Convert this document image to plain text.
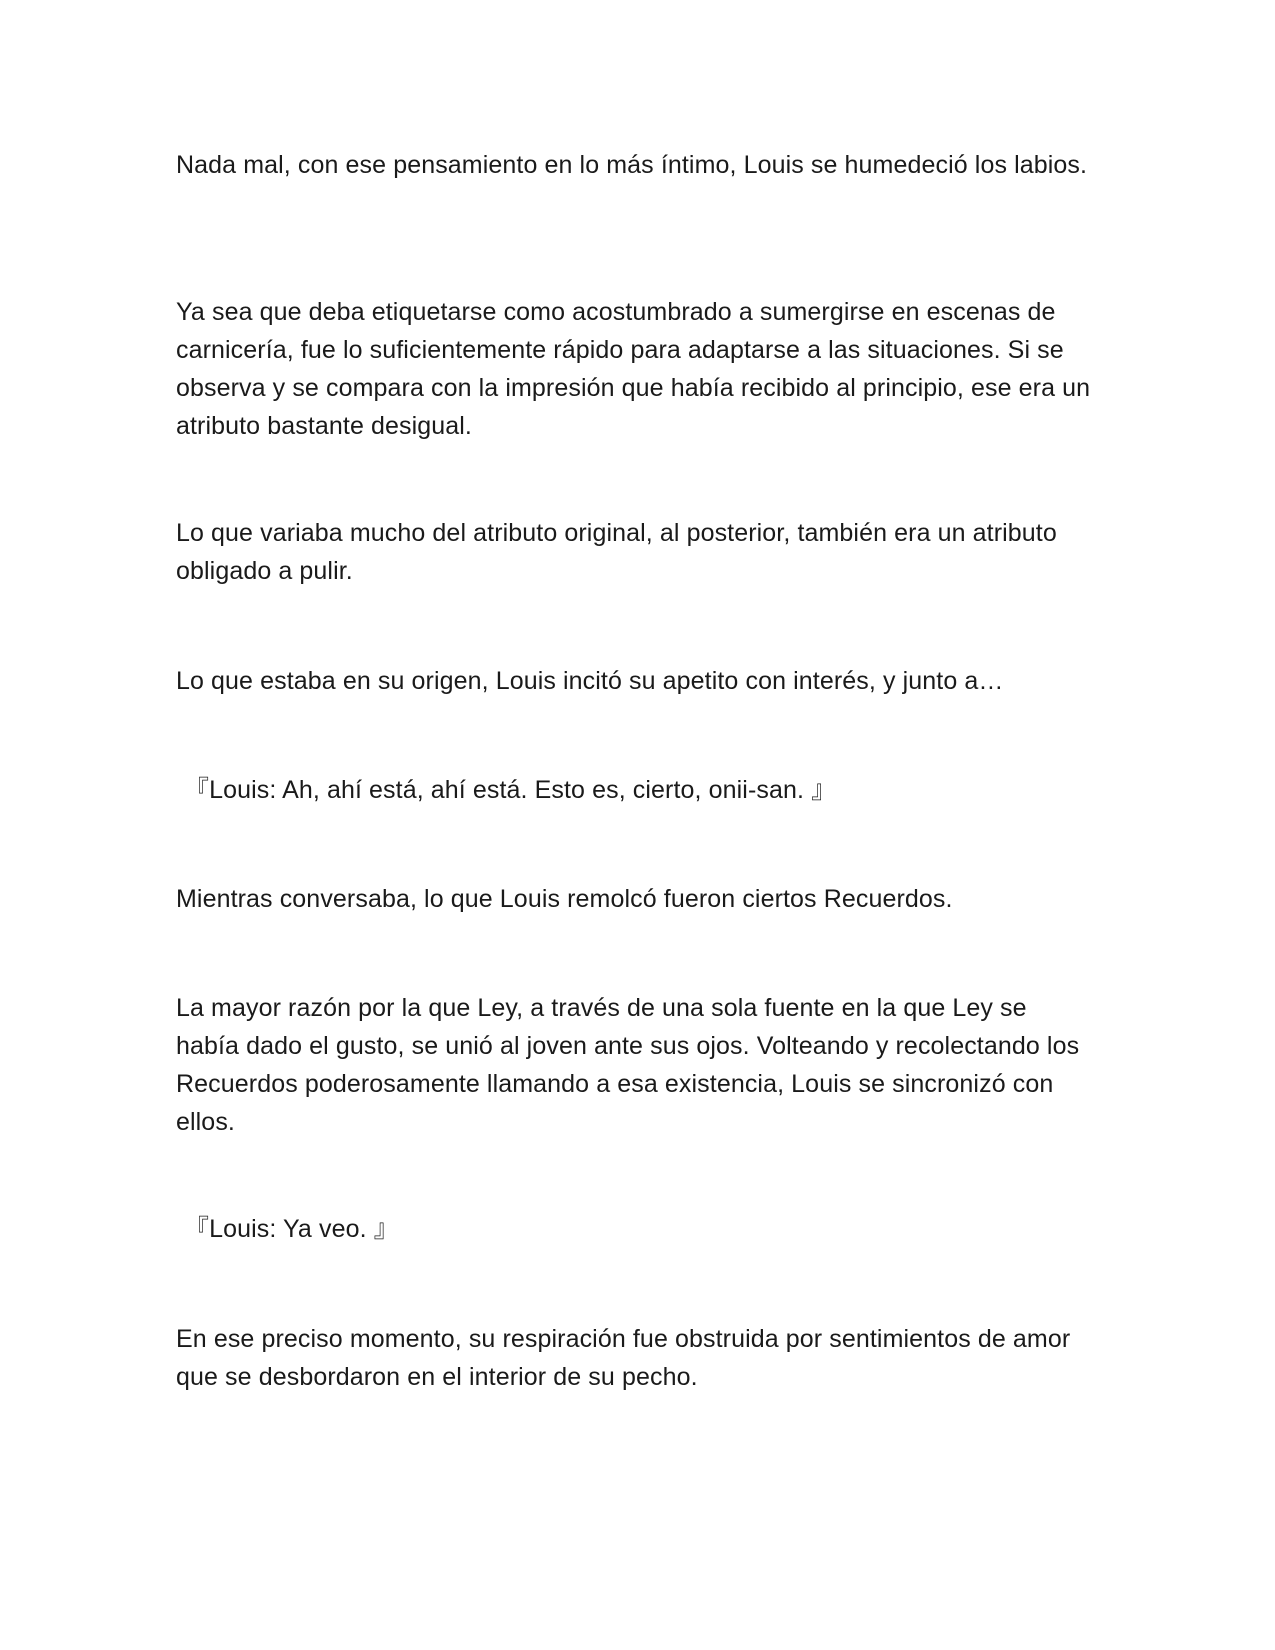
Nada mal, con ese pensamiento en lo más íntimo, Louis se humedeció los labios.

Ya sea que deba etiquetarse como acostumbrado a sumergirse en escenas de carnicería, fue lo suficientemente rápido para adaptarse a las situaciones. Si se observa y se compara con la impresión que había recibido al principio, ese era un atributo bastante desigual.

Lo que variaba mucho del atributo original, al posterior, también era un atributo obligado a pulir.

Lo que estaba en su origen, Louis incitó su apetito con interés, y junto a…

『Louis: Ah, ahí está, ahí está. Esto es, cierto, onii-san. 』

Mientras conversaba, lo que Louis remolcó fueron ciertos Recuerdos.

La mayor razón por la que Ley, a través de una sola fuente en la que Ley se había dado el gusto, se unió al joven ante sus ojos. Volteando y recolectando los Recuerdos poderosamente llamando a esa existencia, Louis se sincronizó con ellos.

『Louis: Ya veo. 』

En ese preciso momento, su respiración fue obstruida por sentimientos de amor que se desbordaron en el interior de su pecho.
